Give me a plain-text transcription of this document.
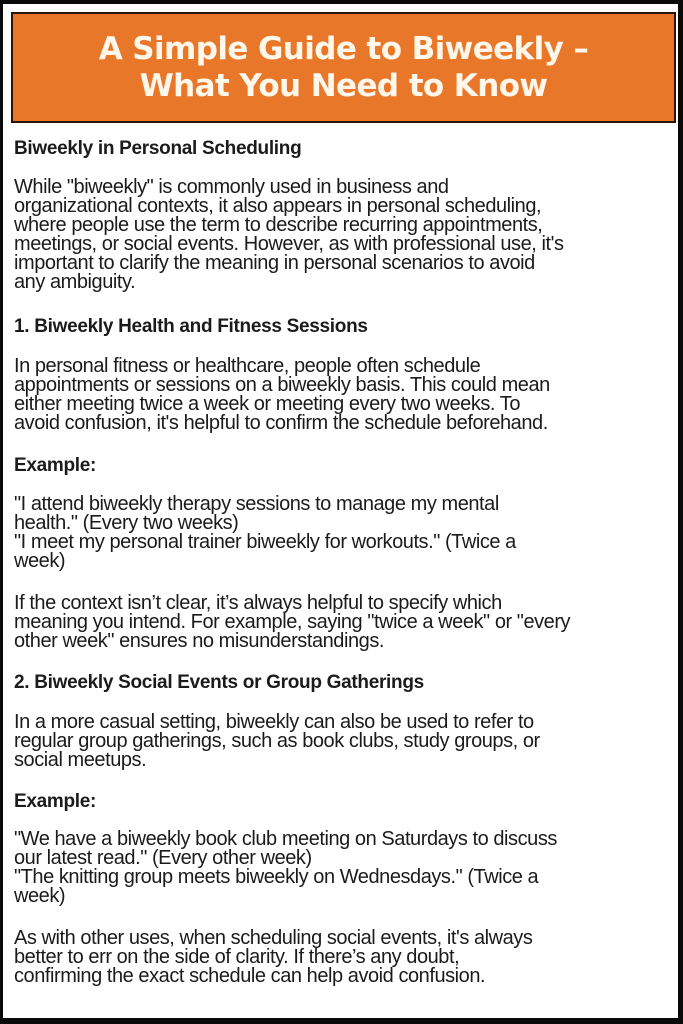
A Simple Guide to Biweekly –
What You Need to Know
Biweekly in Personal Scheduling
While "biweekly" is commonly used in business and
organizational contexts, it also appears in personal scheduling,
where people use the term to describe recurring appointments,
meetings, or social events. However, as with professional use, it's
important to clarify the meaning in personal scenarios to avoid
any ambiguity.
1. Biweekly Health and Fitness Sessions
In personal fitness or healthcare, people often schedule
appointments or sessions on a biweekly basis. This could mean
either meeting twice a week or meeting every two weeks. To
avoid confusion, it's helpful to confirm the schedule beforehand.
Example:
"I attend biweekly therapy sessions to manage my mental
health." (Every two weeks)
"I meet my personal trainer biweekly for workouts." (Twice a
week)
If the context isn’t clear, it’s always helpful to specify which
meaning you intend. For example, saying "twice a week" or "every
other week" ensures no misunderstandings.
2. Biweekly Social Events or Group Gatherings
In a more casual setting, biweekly can also be used to refer to
regular group gatherings, such as book clubs, study groups, or
social meetups.
Example:
"We have a biweekly book club meeting on Saturdays to discuss
our latest read." (Every other week)
"The knitting group meets biweekly on Wednesdays." (Twice a
week)
As with other uses, when scheduling social events, it's always
better to err on the side of clarity. If there’s any doubt,
confirming the exact schedule can help avoid confusion.
